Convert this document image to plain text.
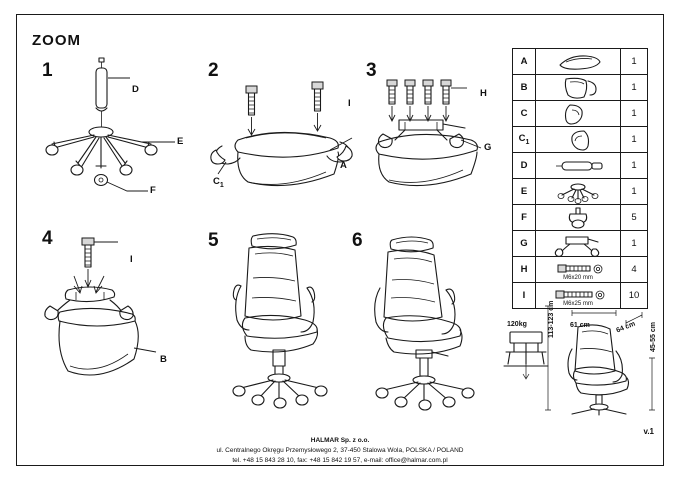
ZOOM
1
D
E
F
2
$C_1$
I
A
3
H
G
4
I
B
5	6
A		1
B		1
C		1
$C_1$		1
D		1
E		1
F		5
G		1
H	M6x20 mm	4
I	M6x25 mm	10
120kg	61 cm	64 cm
113-123 cm	45-55 cm
v.1
HALMAR Sp. z o.o.
ul. Centralnego Okręgu Przemysłowego 2, 37-450 Stalowa Wola, POLSKA / POLAND
tel. +48 15 843 28 10, fax: +48 15 842 19 57, e-mail: office@halmar.com.pl
